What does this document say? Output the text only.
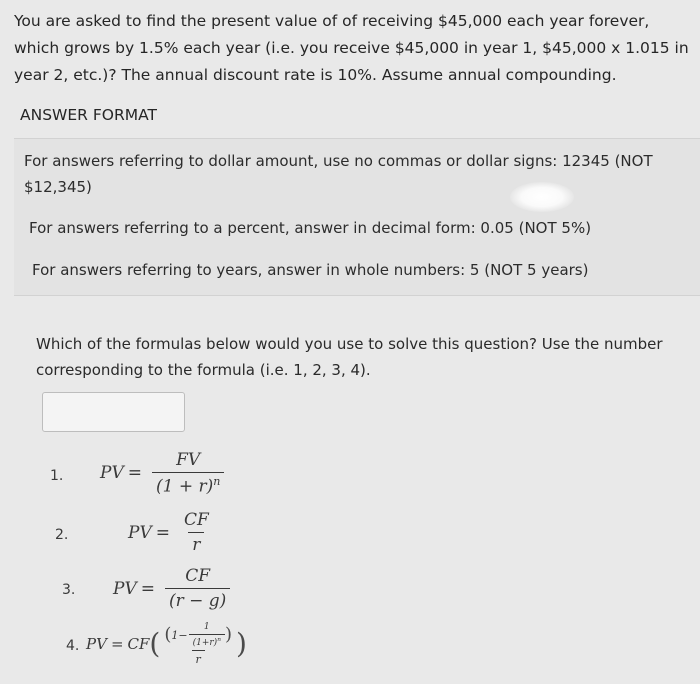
You are asked to find the present value of of receiving $45,000 each year forever, which grows by 1.5% each year (i.e. you receive $45,000 in year 1, $45,000 x 1.015 in year 2, etc.)? The annual discount rate is 10%. Assume annual compounding.
ANSWER FORMAT
For answers referring to dollar amount, use no commas or dollar signs: 12345 (NOT $12,345)
For answers referring to a percent, answer in decimal form: 0.05 (NOT 5%)
For answers referring to years, answer in whole numbers: 5 (NOT 5 years)
Which of the formulas below would you use to solve this question? Use the number corresponding to the formula (i.e. 1, 2, 3, 4).
1. PV = $\frac{FV}{(1 + r)^n}$
2.	PV = $\frac{CF}{r}$
3. PV = $\frac{CF}{(r - g)}$
4. PV = CF ( $\frac{( 1- \frac{1}{(1+r)^n} )}{r}$ )
